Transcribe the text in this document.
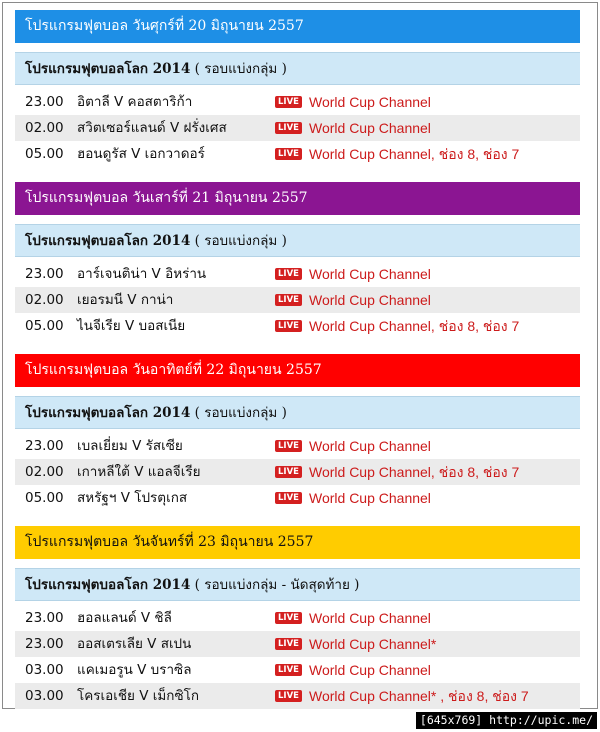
โปรแกรมฟุตบอล วันศุกร์ที่ 20 มิถุนายน 2557
โปรแกรมฟุตบอลโลก 2014 ( รอบแบ่งกลุ่ม )
23.00 อิตาลี V คอสตาริก้า	LIVE World Cup Channel
02.00 สวิตเซอร์แลนด์ V ฝรั่งเศส	LIVE World Cup Channel
05.00 ฮอนดูรัส V เอกวาดอร์	LIVE World Cup Channel, ช่อง 8, ช่อง 7
โปรแกรมฟุตบอล วันเสาร์ที่ 21 มิถุนายน 2557
โปรแกรมฟุตบอลโลก 2014 ( รอบแบ่งกลุ่ม )
23.00 อาร์เจนติน่า V อิหร่าน	LIVE World Cup Channel
02.00 เยอรมนี V กาน่า	LIVE World Cup Channel
05.00 ไนจีเรีย V บอสเนีย	LIVE World Cup Channel, ช่อง 8, ช่อง 7
โปรแกรมฟุตบอล วันอาทิตย์ที่ 22 มิถุนายน 2557
โปรแกรมฟุตบอลโลก 2014 ( รอบแบ่งกลุ่ม )
23.00 เบลเยี่ยม V รัสเซีย	LIVE World Cup Channel
02.00 เกาหลีใต้ V แอลจีเรีย	LIVE World Cup Channel, ช่อง 8, ช่อง 7
05.00 สหรัฐฯ V โปรตุเกส	LIVE World Cup Channel
โปรแกรมฟุตบอล วันจันทร์ที่ 23 มิถุนายน 2557
โปรแกรมฟุตบอลโลก 2014 ( รอบแบ่งกลุ่ม - นัดสุดท้าย )
23.00 ฮอลแลนด์ V ชิลี	LIVE World Cup Channel
23.00 ออสเตรเลีย V สเปน	LIVE World Cup Channel*
03.00 แคเมอรูน V บราซิล	LIVE World Cup Channel
03.00 โครเอเชีย V เม็กซิโก	LIVE World Cup Channel* , ช่อง 8, ช่อง 7
[645x769] http://upic.me/
